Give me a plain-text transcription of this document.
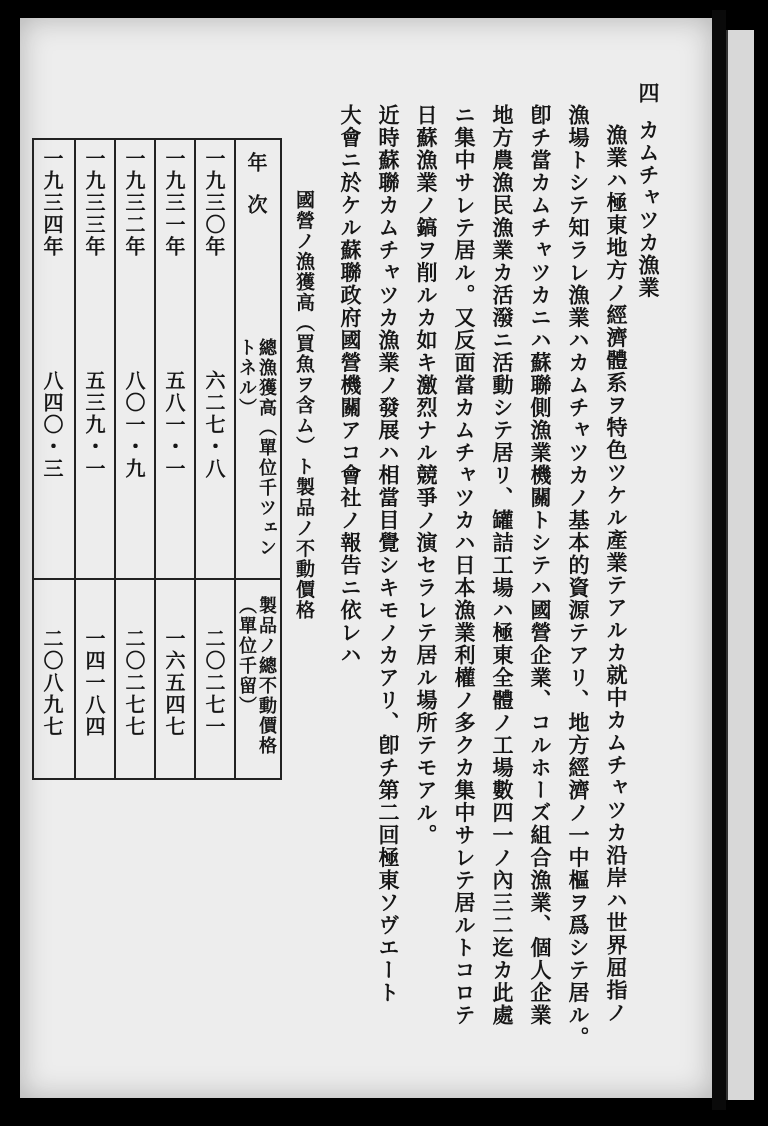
四カムチャツカ漁業
漁業ハ極東地方ノ經濟體系ヲ特色ツケル產業テアルカ就中カムチャツカ沿岸ハ世界屈指ノ
漁場トシテ知ラレ漁業ハカムチャツカノ基本的資源テアリ、地方經濟ノ一中樞ヲ爲シテ居ル。
卽チ當カムチャツカニハ蘇聯側漁業機關トシテハ國營企業、コルホーズ組合漁業、個人企業
地方農漁民漁業カ活潑ニ活動シテ居リ、罐詰工場ハ極東全體ノ工場數四一ノ內三二迄カ此處
ニ集中サレテ居ル。又反面當カムチャツカハ日本漁業利權ノ多クカ集中サレテ居ルトコロテ
日蘇漁業ノ鎬ヲ削ルカ如キ激烈ナル競爭ノ演セラレテ居ル場所テモアル。
近時蘇聯カムチャツカ漁業ノ發展ハ相當目覺シキモノカアリ、卽チ第二回極東ソヴエート
大會ニ於ケル蘇聯政府國營機關アコ會社ノ報告ニ依レハ
國營ノ漁獲高（買魚ヲ含ム）ト製品ノ不動價格
年次
總漁獲高（單位千ツェントネル）
製品ノ總不動價格（單位千留）
一九三〇年
六二七・八
二〇二七一
一九三一年
五八一・一
一六五四七
一九三二年
八〇一・九
二〇二七七
一九三三年
五三九・一
一四一八四
一九三四年
八四〇・三
二〇八九七
